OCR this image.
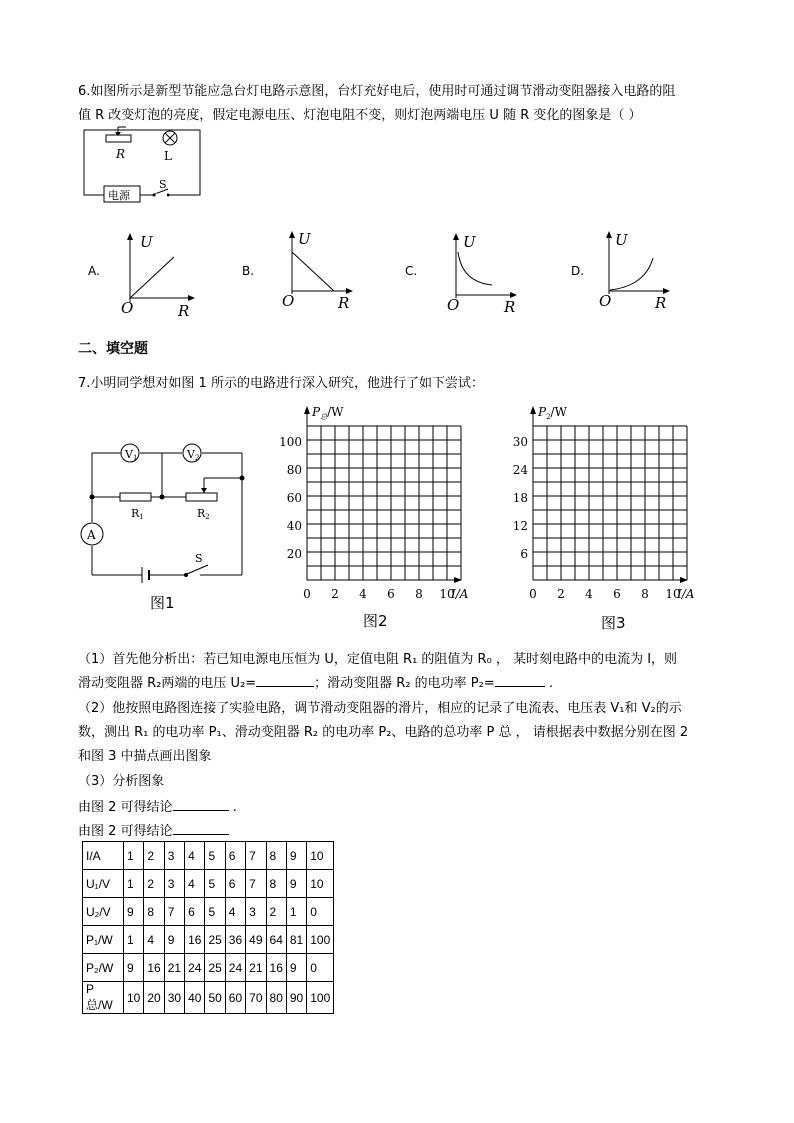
6.如图所示是新型节能应急台灯电路示意图，台灯充好电后，使用时可通过调节滑动变阻器接入电路的阻
值 R 改变灯泡的亮度，假定电源电压、灯泡电阻不变，则灯泡两端电压 U 随 R 变化的图象是（ ）
R	L
S
电源
A.
U
O	R
B.
U
O	R
C.
U
O	R
D.
U
O	R
二、填空题
7.小明同学想对如图 1 所示的电路进行深入研究，他进行了如下尝试：
V1	V2
A
R1	R2
S
图1
$P_总/W$
I/A
100
80
60
40
20
0 2 4 6 8 10
图2
$P_2/W$
I/A
30
24
18
12
6
0 2 4 6 8 10
图3
（1）首先他分析出：若已知电源电压恒为 U，定值电阻 R₁ 的阻值为 R₀ ， 某时刻电路中的电流为 I，则
滑动变阻器 R₂两端的电压 U₂=	；滑动变阻器 R₂ 的电功率 P₂=	.
（2）他按照电路图连接了实验电路，调节滑动变阻器的滑片，相应的记录了电流表、电压表 V₁和 V₂的示
数，测出 R₁ 的电功率 P₁、滑动变阻器 R₂ 的电功率 P₂、电路的总功率 P 总 ， 请根据表中数据分别在图 2
和图 3 中描点画出图象
（3）分析图象
由图 2 可得结论	.
由图 2 可得结论
I/A	1	2	3	4	5	6	7	8	9	10
U₁/V	1	2	3	4	5	6	7	8	9	10
U₂/V	9	8	7	6	5	4	3	2	1	0
P₁/W	1	4	9	16	25	36	49	64	81	100
P₂/W	9	16	21	24	25	24	21	16	9	0
P 总/W	10	20	30	40	50	60	70	80	90	100
